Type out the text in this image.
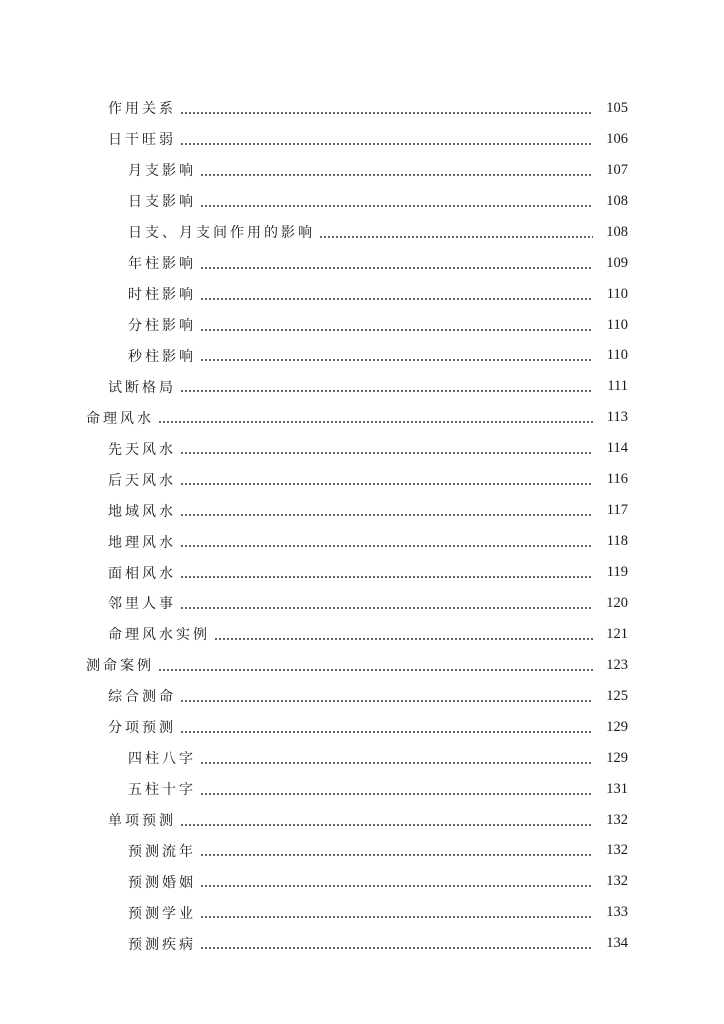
作用关系	105
日干旺弱	106
月支影响	107
日支影响	108
日支、月支间作用的影响	108
年柱影响	109
时柱影响	110
分柱影响	110
秒柱影响	110
试断格局	111
命理风水	113
先天风水	114
后天风水	116
地域风水	117
地理风水	118
面相风水	119
邻里人事	120
命理风水实例	121
测命案例	123
综合测命	125
分项预测	129
四柱八字	129
五柱十字	131
单项预测	132
预测流年	132
预测婚姻	132
预测学业	133
预测疾病	134
